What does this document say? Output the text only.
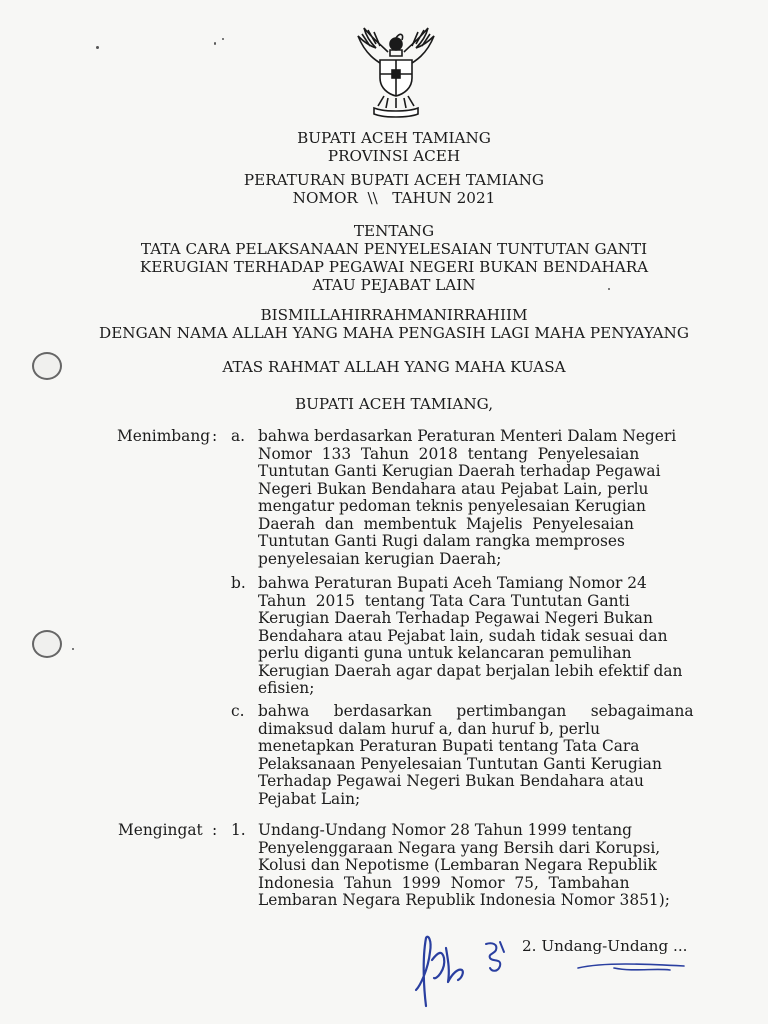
BUPATI ACEH TAMIANG
PROVINSI ACEH
PERATURAN BUPATI ACEH TAMIANG
NOMOR  \\   TAHUN 2021
TENTANG
TATA CARA PELAKSANAAN PENYELESAIAN TUNTUTAN GANTI
KERUGIAN TERHADAP PEGAWAI NEGERI BUKAN BENDAHARA
ATAU PEJABAT LAIN
BISMILLAHIRRAHMANIRRAHIIM
DENGAN NAMA ALLAH YANG MAHA PENGASIH LAGI MAHA PENYAYANG
ATAS RAHMAT ALLAH YANG MAHA KUASA
BUPATI ACEH TAMIANG,
Menimbang : a. bahwa berdasarkan Peraturan Menteri Dalam Negeri
Nomor  133  Tahun  2018  tentang  Penyelesaian
Tuntutan Ganti Kerugian Daerah terhadap Pegawai
Negeri Bukan Bendahara atau Pejabat Lain, perlu
mengatur pedoman teknis penyelesaian Kerugian
Daerah  dan  membentuk  Majelis  Penyelesaian
Tuntutan Ganti Rugi dalam rangka memproses
penyelesaian kerugian Daerah;
b. bahwa Peraturan Bupati Aceh Tamiang Nomor 24
Tahun  2015  tentang Tata Cara Tuntutan Ganti
Kerugian Daerah Terhadap Pegawai Negeri Bukan
Bendahara atau Pejabat lain, sudah tidak sesuai dan
perlu diganti guna untuk kelancaran pemulihan
Kerugian Daerah agar dapat berjalan lebih efektif dan
efisien;
c. bahwa     berdasarkan     pertimbangan     sebagaimana
dimaksud dalam huruf a, dan huruf b, perlu
menetapkan Peraturan Bupati tentang Tata Cara
Pelaksanaan Penyelesaian Tuntutan Ganti Kerugian
Terhadap Pegawai Negeri Bukan Bendahara atau
Pejabat Lain;
Mengingat : 1. Undang-Undang Nomor 28 Tahun 1999 tentang
Penyelenggaraan Negara yang Bersih dari Korupsi,
Kolusi dan Nepotisme (Lembaran Negara Republik
Indonesia  Tahun  1999  Nomor  75,  Tambahan
Lembaran Negara Republik Indonesia Nomor 3851);
2. Undang-Undang ...
